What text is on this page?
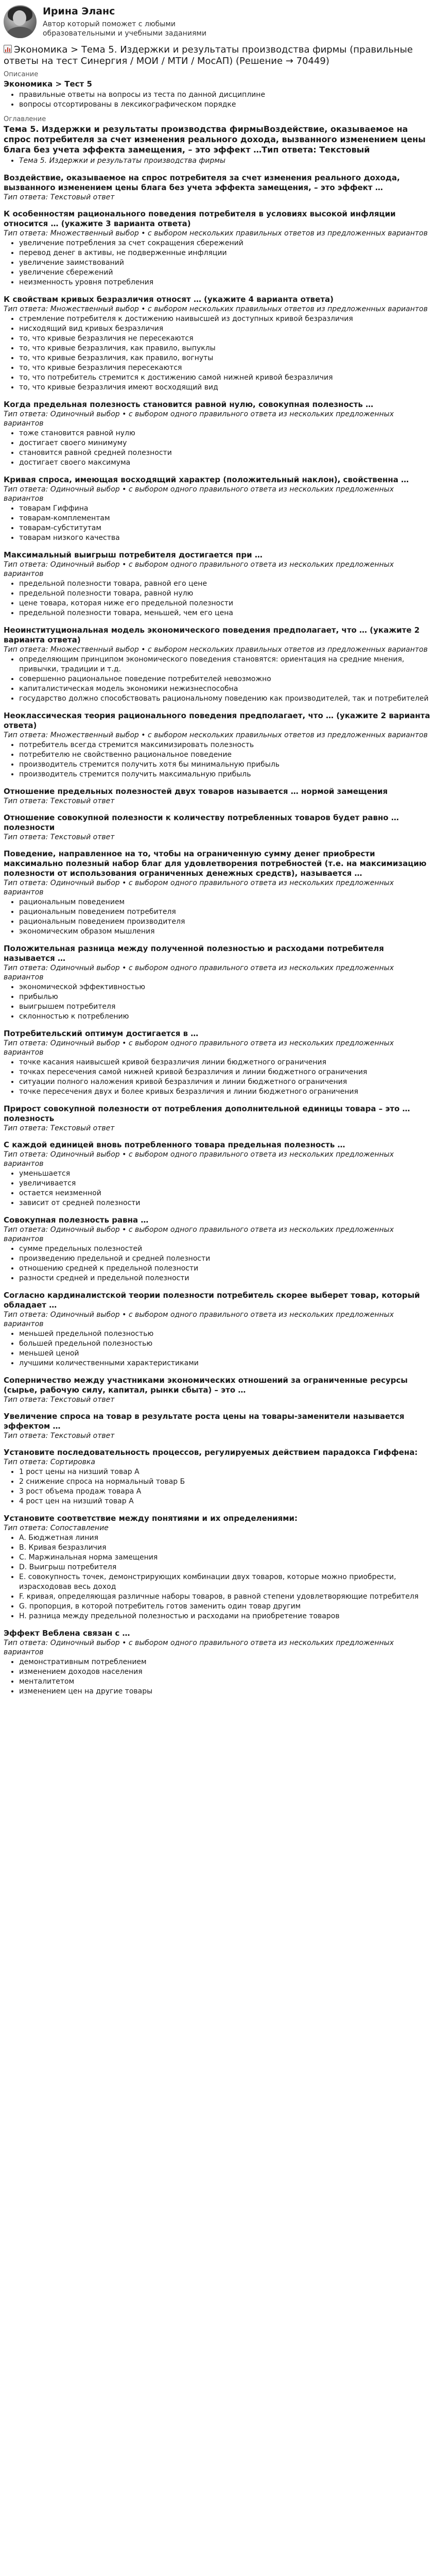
Ирина Эланс
Автор который поможет с любыми образовательными и учебными заданиями
Экономика > Тема 5. Издержки и результаты производства фирмы (правильные ответы на тест Синергия / МОИ / МТИ / МосАП) (Решение → 70449)
Описание
Экономика > Тест 5
• правильные ответы на вопросы из теста по данной дисциплине
• вопросы отсортированы в лексикографическом порядке
Оглавление
Тема 5. Издержки и результаты производства фирмыВоздействие, оказываемое на спрос потребителя за счет изменения реального дохода, вызванного изменением цены блага без учета эффекта замещения, – это эффект …Тип ответа: Текстовый
• Тема 5. Издержки и результаты производства фирмы
Воздействие, оказываемое на спрос потребителя за счет изменения реального дохода, вызванного изменением цены блага без учета эффекта замещения, – это эффект …
Тип ответа: Текстовый ответ
К особенностям рационального поведения потребителя в условиях высокой инфляции относится … (укажите 3 варианта ответа)
Тип ответа: Множественный выбор • с выбором нескольких правильных ответов из предложенных вариантов
• увеличение потребления за счет сокращения сбережений
• перевод денег в активы, не подверженные инфляции
• увеличение заимствований
• увеличение сбережений
• неизменность уровня потребления
К свойствам кривых безразличия относят … (укажите 4 варианта ответа)
Тип ответа: Множественный выбор • с выбором нескольких правильных ответов из предложенных вариантов
• стремление потребителя к достижению наивысшей из доступных кривой безразличия
• нисходящий вид кривых безразличия
• то, что кривые безразличия не пересекаются
• то, что кривые безразличия, как правило, выпуклы
• то, что кривые безразличия, как правило, вогнуты
• то, что кривые безразличия пересекаются
• то, что потребитель стремится к достижению самой нижней кривой безразличия
• то, что кривые безразличия имеют восходящий вид
Когда предельная полезность становится равной нулю, совокупная полезность …
Тип ответа: Одиночный выбор • с выбором одного правильного ответа из нескольких предложенных вариантов
• тоже становится равной нулю
• достигает своего минимуму
• становится равной средней полезности
• достигает своего максимума
Кривая спроса, имеющая восходящий характер (положительный наклон), свойственна …
Тип ответа: Одиночный выбор • с выбором одного правильного ответа из нескольких предложенных вариантов
• товарам Гиффина
• товарам-комплементам
• товарам-субститутам
• товарам низкого качества
Максимальный выигрыш потребителя достигается при …
Тип ответа: Одиночный выбор • с выбором одного правильного ответа из нескольких предложенных вариантов
• предельной полезности товара, равной его цене
• предельной полезности товара, равной нулю
• цене товара, которая ниже его предельной полезности
• предельной полезности товара, меньшей, чем его цена
Неоинституциональная модель экономического поведения предполагает, что … (укажите 2 варианта ответа)
Тип ответа: Множественный выбор • с выбором нескольких правильных ответов из предложенных вариантов
• определяющим принципом экономического поведения становятся: ориентация на средние мнения, привычки, традиции и т.д.
• совершенно рациональное поведение потребителей невозможно
• капиталистическая модель экономики нежизнеспособна
• государство должно способствовать рациональному поведению как производителей, так и потребителей
Неоклассическая теория рационального поведения предполагает, что … (укажите 2 варианта ответа)
Тип ответа: Множественный выбор • с выбором нескольких правильных ответов из предложенных вариантов
• потребитель всегда стремится максимизировать полезность
• потребителю не свойственно рациональное поведение
• производитель стремится получить хотя бы минимальную прибыль
• производитель стремится получить максимальную прибыль
Отношение предельных полезностей двух товаров называется … нормой замещения
Тип ответа: Текстовый ответ
Отношение совокупной полезности к количеству потребленных товаров будет равно … полезности
Тип ответа: Текстовый ответ
Поведение, направленное на то, чтобы на ограниченную сумму денег приобрести максимально полезный набор благ для удовлетворения потребностей (т.е. на максимизацию полезности от использования ограниченных денежных средств), называется …
Тип ответа: Одиночный выбор • с выбором одного правильного ответа из нескольких предложенных вариантов
• рациональным поведением
• рациональным поведением потребителя
• рациональным поведением производителя
• экономическим образом мышления
Положительная разница между полученной полезностью и расходами потребителя называется …
Тип ответа: Одиночный выбор • с выбором одного правильного ответа из нескольких предложенных вариантов
• экономической эффективностью
• прибылью
• выигрышем потребителя
• склонностью к потреблению
Потребительский оптимум достигается в …
Тип ответа: Одиночный выбор • с выбором одного правильного ответа из нескольких предложенных вариантов
• точке касания наивысшей кривой безразличия линии бюджетного ограничения
• точках пересечения самой нижней кривой безразличия и линии бюджетного ограничения
• ситуации полного наложения кривой безразличия и линии бюджетного ограничения
• точке пересечения двух и более кривых безразличия и линии бюджетного ограничения
Прирост совокупной полезности от потребления дополнительной единицы товара – это … полезность
Тип ответа: Текстовый ответ
С каждой единицей вновь потребленного товара предельная полезность …
Тип ответа: Одиночный выбор • с выбором одного правильного ответа из нескольких предложенных вариантов
• уменьшается
• увеличивается
• остается неизменной
• зависит от средней полезности
Совокупная полезность равна …
Тип ответа: Одиночный выбор • с выбором одного правильного ответа из нескольких предложенных вариантов
• сумме предельных полезностей
• произведению предельной и средней полезности
• отношению средней к предельной полезности
• разности средней и предельной полезности
Согласно кардиналистской теории полезности потребитель скорее выберет товар, который обладает …
Тип ответа: Одиночный выбор • с выбором одного правильного ответа из нескольких предложенных вариантов
• меньшей предельной полезностью
• большей предельной полезностью
• меньшей ценой
• лучшими количественными характеристиками
Соперничество между участниками экономических отношений за ограниченные ресурсы (сырье, рабочую силу, капитал, рынки сбыта) – это …
Тип ответа: Текстовый ответ
Увеличение спроса на товар в результате роста цены на товары-заменители называется эффектом …
Тип ответа: Текстовый ответ
Установите последовательность процессов, регулируемых действием парадокса Гиффена:
Тип ответа: Сортировка
• 1 рост цены на низший товар А
• 2 снижение спроса на нормальный товар Б
• 3 рост объема продаж товара А
• 4 рост цен на низший товар А
Установите соответствие между понятиями и их определениями:
Тип ответа: Сопоставление
• A. Бюджетная линия
• B. Кривая безразличия
• C. Маржинальная норма замещения
• D. Выигрыш потребителя
• E. совокупность точек, демонстрирующих комбинации двух товаров, которые можно приобрести, израсходовав весь доход
• F. кривая, определяющая различные наборы товаров, в равной степени удовлетворяющие потребителя
• G. пропорция, в которой потребитель готов заменить один товар другим
• H. разница между предельной полезностью и расходами на приобретение товаров
Эффект Веблена связан с …
Тип ответа: Одиночный выбор • с выбором одного правильного ответа из нескольких предложенных вариантов
• демонстративным потреблением
• изменением доходов населения
• менталитетом
• изменением цен на другие товары
